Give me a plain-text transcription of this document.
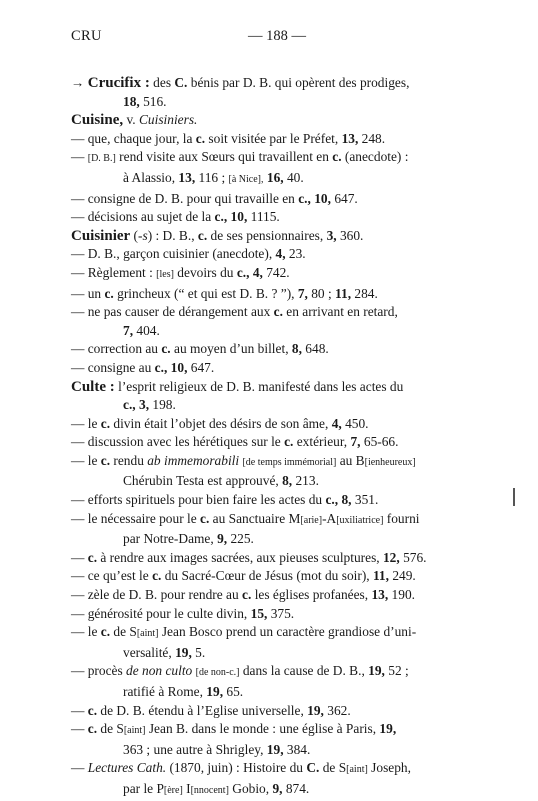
CRU	— 188 —
→ Crucifix : des C. bénis par D. B. qui opèrent des prodiges,
18, 516.
Cuisine, v. Cuisiniers.
— que, chaque jour, la c. soit visitée par le Préfet, 13, 248.
— [D. B.] rend visite aux Sœurs qui travaillent en c. (anecdote) :
à Alassio, 13, 116 ; [à Nice], 16, 40.
— consigne de D. B. pour qui travaille en c., 10, 647.
— décisions au sujet de la c., 10, 1115.
Cuisinier (-s) : D. B., c. de ses pensionnaires, 3, 360.
— D. B., garçon cuisinier (anecdote), 4, 23.
— Règlement : [les] devoirs du c., 4, 742.
— un c. grincheux (“ et qui est D. B. ? ”), 7, 80 ; 11, 284.
— ne pas causer de dérangement aux c. en arrivant en retard,
7, 404.
— correction au c. au moyen d’un billet, 8, 648.
— consigne au c., 10, 647.
Culte : l’esprit religieux de D. B. manifesté dans les actes du
c., 3, 198.
— le c. divin était l’objet des désirs de son âme, 4, 450.
— discussion avec les hérétiques sur le c. extérieur, 7, 65-66.
— le c. rendu ab immemorabili [de temps immémorial] au B[ienheureux]
Chérubin Testa est approuvé, 8, 213.
— efforts spirituels pour bien faire les actes du c., 8, 351.
— le nécessaire pour le c. au Sanctuaire M[arie]-A[uxiliatrice] fourni
par Notre-Dame, 9, 225.
— c. à rendre aux images sacrées, aux pieuses sculptures, 12, 576.
— ce qu’est le c. du Sacré-Cœur de Jésus (mot du soir), 11, 249.
— zèle de D. B. pour rendre au c. les églises profanées, 13, 190.
— générosité pour le culte divin, 15, 375.
— le c. de S[aint] Jean Bosco prend un caractère grandiose d’uni-
versalité, 19, 5.
— procès de non culto [de non-c.] dans la cause de D. B., 19, 52 ;
ratifié à Rome, 19, 65.
— c. de D. B. étendu à l’Eglise universelle, 19, 362.
— c. de S[aint] Jean B. dans le monde : une église à Paris, 19,
363 ; une autre à Shrigley, 19, 384.
— Lectures Cath. (1870, juin) : Histoire du C. de S[aint] Joseph,
par le P[ère] I[nnocent] Gobio, 9, 874.
